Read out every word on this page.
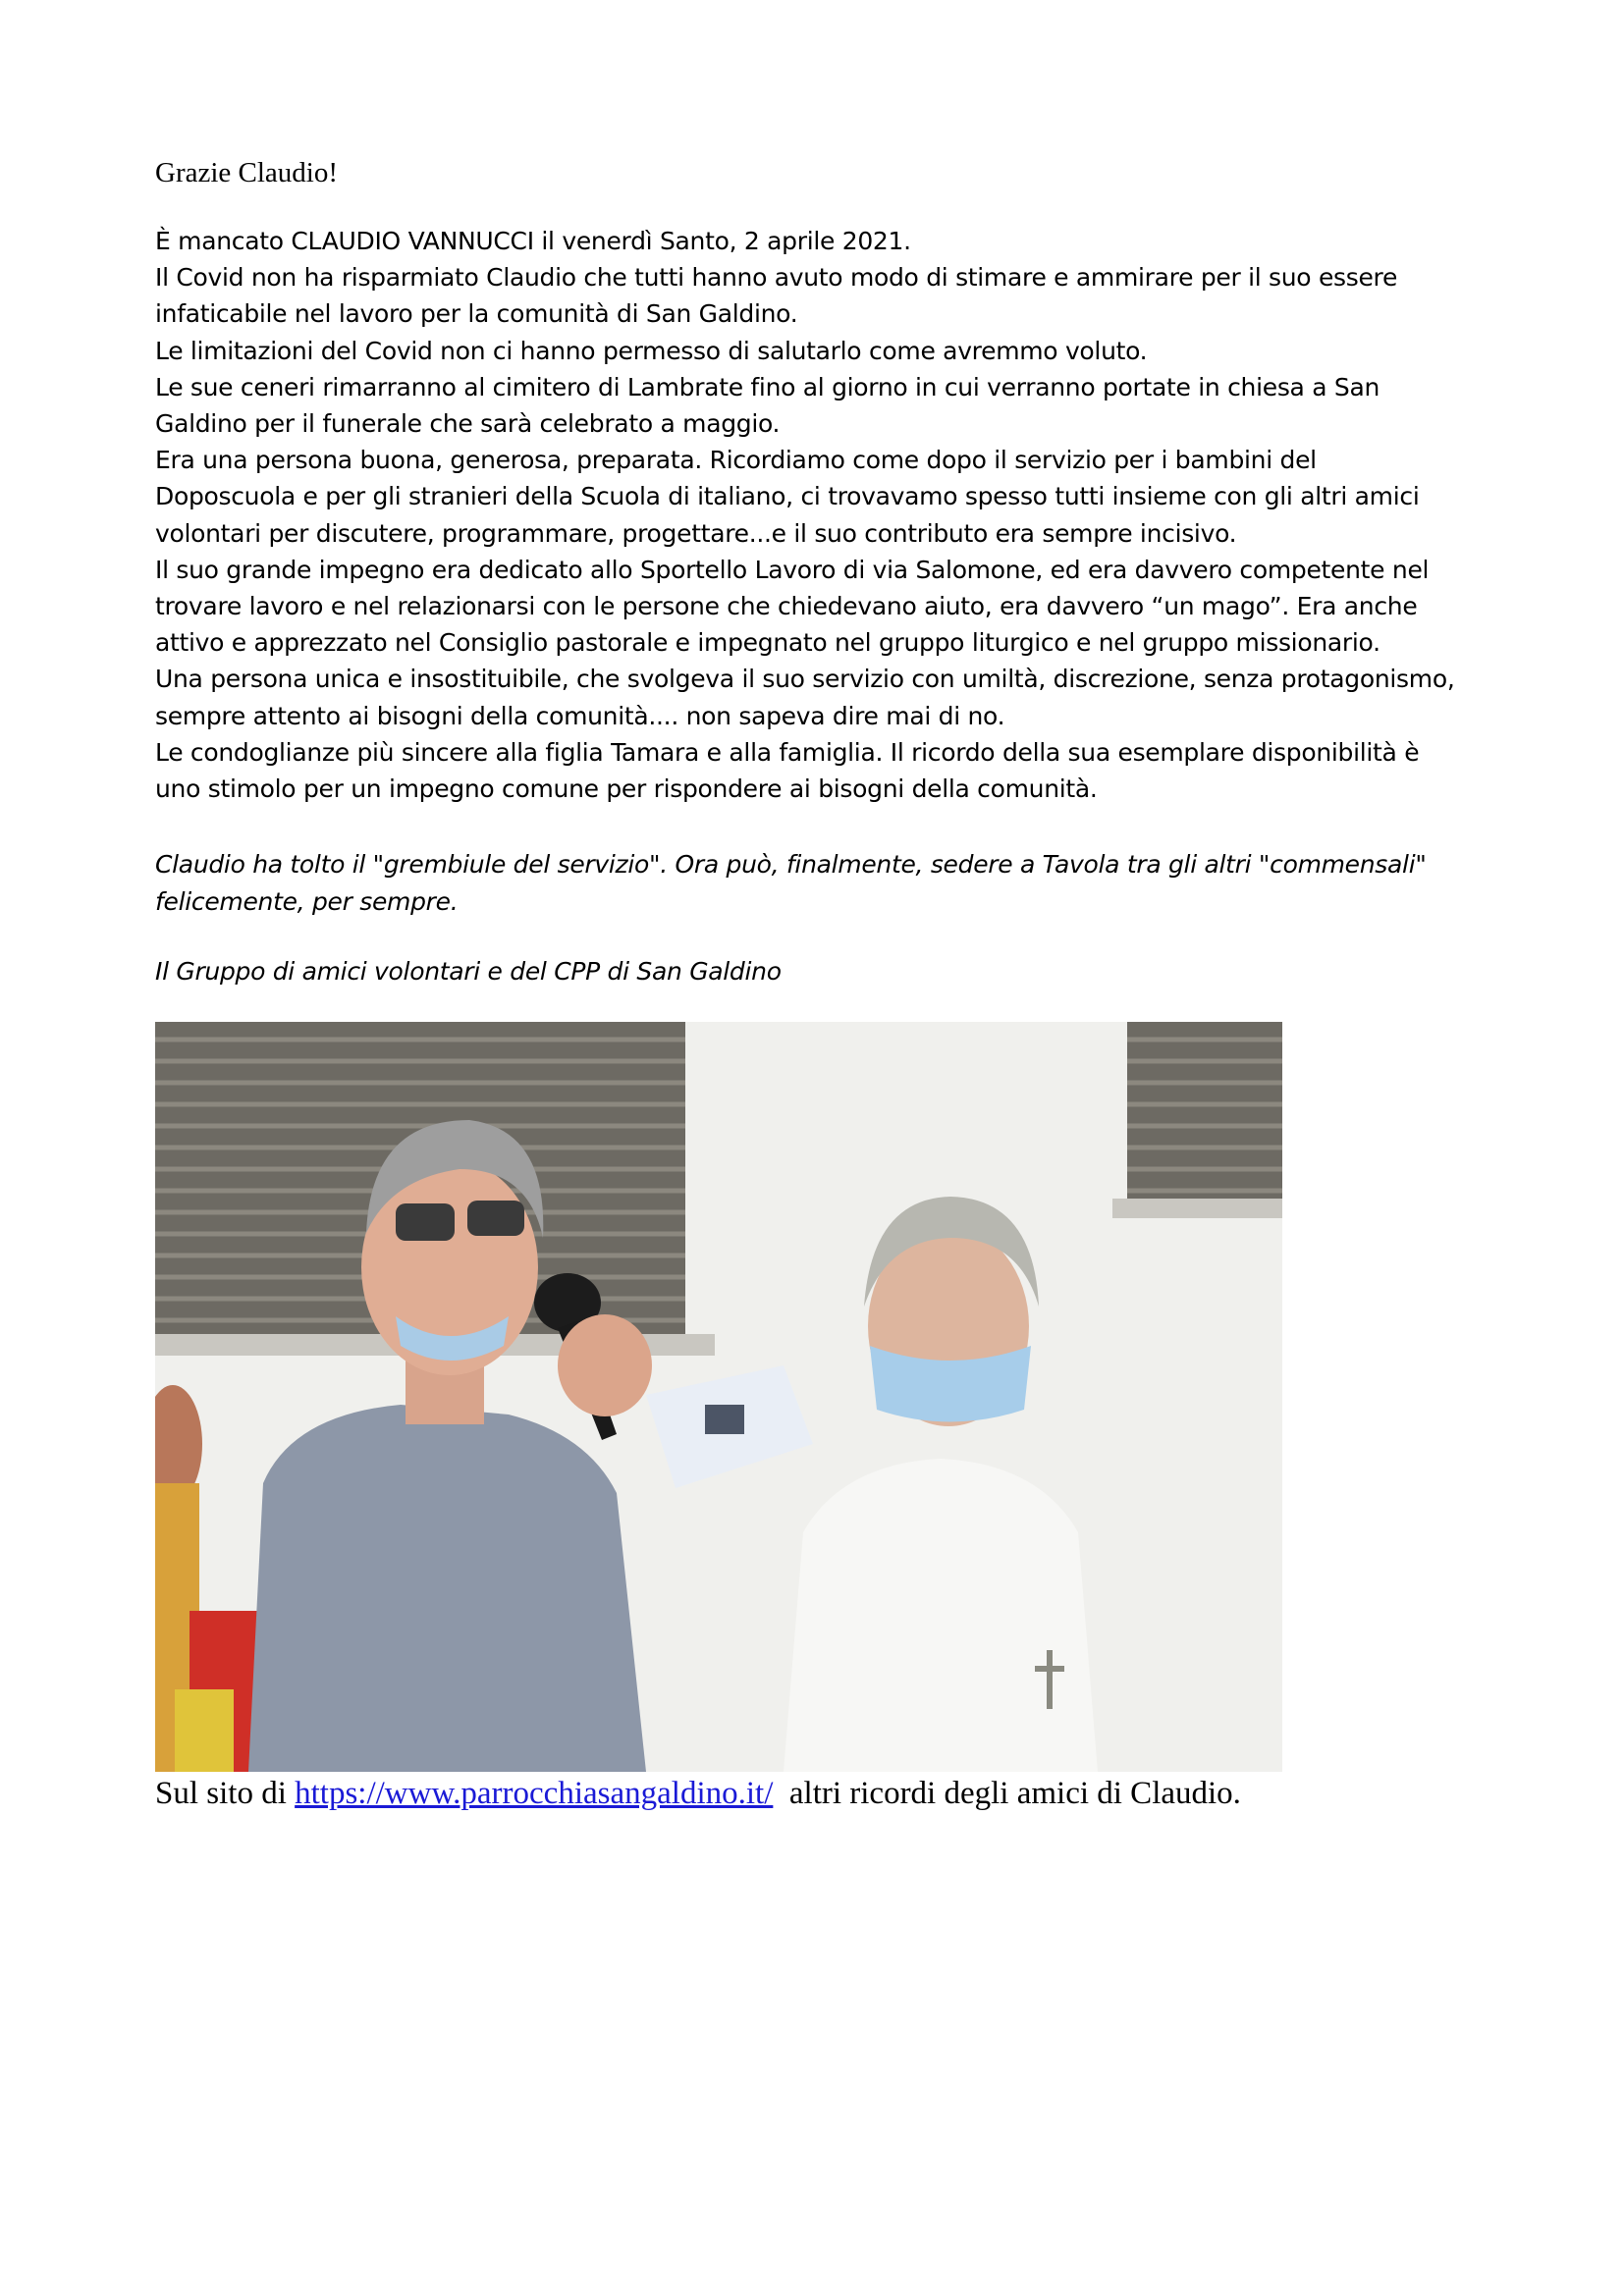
Grazie Claudio!
È mancato CLAUDIO VANNUCCI il venerdì Santo, 2 aprile 2021.
Il Covid non ha risparmiato Claudio che tutti hanno avuto modo di stimare e ammirare per il suo essere
infaticabile nel lavoro per la comunità di San Galdino.
Le limitazioni del Covid non ci hanno permesso di salutarlo come avremmo voluto.
Le sue ceneri rimarranno al cimitero di Lambrate fino al giorno in cui verranno portate in chiesa a San
Galdino per il funerale che sarà celebrato a maggio.
Era una persona buona, generosa, preparata. Ricordiamo come dopo il servizio per i bambini del
Doposcuola e per gli stranieri della Scuola di italiano, ci trovavamo spesso tutti insieme con gli altri amici
volontari per discutere, programmare, progettare...e il suo contributo era sempre incisivo.
Il suo grande impegno era dedicato allo Sportello Lavoro di via Salomone, ed era davvero competente nel
trovare lavoro e nel relazionarsi con le persone che chiedevano aiuto, era davvero “un mago”. Era anche
attivo e apprezzato nel Consiglio pastorale e impegnato nel gruppo liturgico e nel gruppo missionario.
Una persona unica e insostituibile, che svolgeva il suo servizio con umiltà, discrezione, senza protagonismo,
sempre attento ai bisogni della comunità.... non sapeva dire mai di no.
Le condoglianze più sincere alla figlia Tamara e alla famiglia. Il ricordo della sua esemplare disponibilità è
uno stimolo per un impegno comune per rispondere ai bisogni della comunità.
Claudio ha tolto il "grembiule del servizio". Ora può, finalmente, sedere a Tavola tra gli altri "commensali"
felicemente, per sempre.
Il Gruppo di amici volontari e del CPP di San Galdino
Sul sito di https://www.parrocchiasangaldino.it/  altri ricordi degli amici di Claudio.
